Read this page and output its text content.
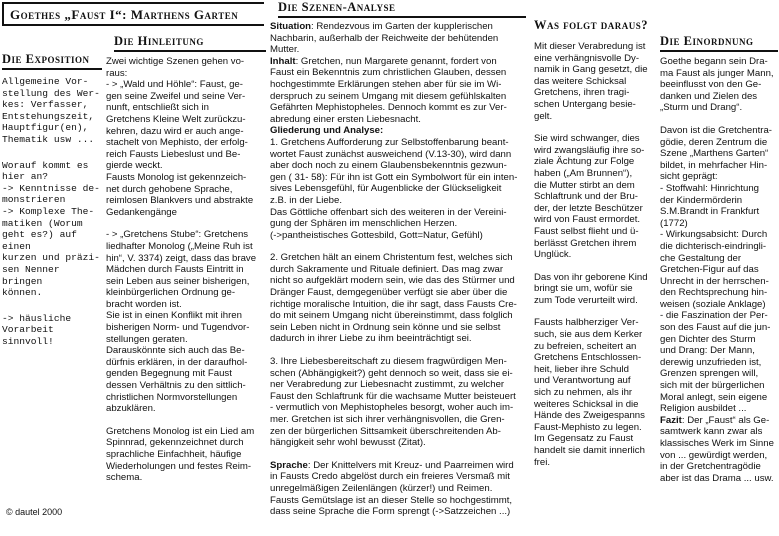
Goethes „Faust I“: Marthens Garten
Die Exposition
Allgemeine Vor-
stellung des Wer-
kes: Verfasser,
Entstehungszeit,
Hauptfigur(en),
Thematik usw ...
Worauf kommt es
hier an?
-> Kenntnisse de-
monstrieren
-> Komplexe The-
matiken (Worum
geht es?) auf einen
kurzen und präzi-
sen Nenner bringen
können.
-> häusliche
Vorarbeit
sinnvoll!
© dautel 2000
Die Hinleitung
Zwei wichtige Szenen gehen vo-
raus:
- > „Wald und Höhle“: Faust, ge-
gen seine Zweifel und seine Ver-
nunft, entschließt sich in
Gretchens Kleine Welt zurückzu-
kehren, dazu wird er auch ange-
stachelt von Mephisto, der erfolg-
reich Fausts Liebeslust und Be-
gierde weckt.
Fausts Monolog ist gekennzeich-
net durch gehobene Sprache,
reimlosen Blankvers und abstrakte
Gedankengänge
- > „Gretchens Stube“: Gretchens
liedhafter Monolog („Meine Ruh ist
hin“, V. 3374) zeigt, dass das brave
Mädchen durch Fausts Eintritt in
sein Leben aus seiner bisherigen,
kleinbürgerlichen Ordnung ge-
bracht worden ist.
Sie ist in einen Konflikt mit ihren
bisherigen Norm- und Tugendvor-
stellungen geraten.
Darauskönnte sich auch das Be-
dürfnis erklären, in der daraufhol-
genden Begegnung mit Faust
dessen Verhältnis zu den sittlich-
christlichen Normvorstellungen
abzuklären.
Gretchens Monolog ist ein Lied am
Spinnrad, gekennzeichnet durch
sprachliche Einfachheit, häufige
Wiederholungen und festes Reim-
schema.
Die Szenen-Analyse
Situation: Rendezvous im Garten der kupplerischen
Nachbarin, außerhalb der Reichweite der behütenden
Mutter.
Inhalt: Gretchen, nun Margarete genannt, fordert von
Faust ein Bekenntnis zum christlichen Glauben, dessen
hochgestimmte Erklärungen stehen aber für sie im Wi-
derspruch zu seinem Umgang mit diesem gefühlskalten
Gefährten Mephistopheles. Dennoch kommt es zur Ver-
abredung einer ersten Liebesnacht.
Gliederung und Analyse:
1. Gretchens Aufforderung zur Selbstoffenbarung beant-
wortet Faust zunächst ausweichend (V.13-30), wird dann
aber doch noch zu einem Glaubensbekenntnis gezwun-
gen ( 31- 58): Für ihn ist Gott ein Symbolwort für ein inten-
sives Lebensgefühl, für Augenblicke der Glückseligkeit
z.B. in der Liebe.
Das Göttliche offenbart sich des weiteren in der Vereini-
gung der Sphären im menschlichen Herzen.
(->pantheistisches Gottesbild, Gott=Natur, Gefühl)
2. Gretchen hält an einem Christentum fest, welches sich
durch Sakramente und Rituale definiert. Das mag zwar
nicht so aufgeklärt modern sein, wie das des Stürmer und
Dränger Faust, demgegenüber verfügt sie aber über die
richtige moralische Intuition, die ihr sagt, dass Fausts Cre-
do mit seinem Umgang nicht übereinstimmt, dass folglich
sein Leben nicht in Ordnung sein könne und sie selbst
dadurch in ihrer Liebe zu ihm beeinträchtigt sei.
3. Ihre Liebesbereitschaft zu diesem fragwürdigen Men-
schen (Abhängigkeit?) geht dennoch so weit, dass sie ei-
ner Verabredung zur Liebesnacht zustimmt, zu welcher
Faust den Schlaftrunk für die wachsame Mutter beisteuert
- vermutlich von Mephistopheles besorgt, woher auch im-
mer. Gretchen ist sich ihrer verhängnisvollen, die Gren-
zen der bürgerlichen Sittsamkeit überschreitenden Ab-
hängigkeit sehr wohl bewusst (Zitat).
Sprache: Der Knittelvers mit Kreuz- und Paarreimen wird
in Fausts Credo abgelöst durch ein freieres Versmaß mit
unregelmäßigen Zeilenlängen (kürzer!) und Reimen.
Fausts Gemütslage ist an dieser Stelle so hochgestimmt,
dass seine Sprache die Form sprengt (->Satzzeichen ...)
Was folgt daraus?
Mit dieser Verabredung ist
eine verhängnisvolle Dy-
namik in Gang gesetzt, die
das weitere Schicksal
Gretchens, ihren tragi-
schen Untergang besie-
gelt.
Sie wird schwanger, dies
wird zwangsläufig ihre so-
ziale Ächtung zur Folge
haben („Am Brunnen“),
die Mutter stirbt an dem
Schlaftrunk und der Bru-
der, der letzte Beschützer
wird von Faust ermordet.
Faust selbst flieht und ü-
berlässt Gretchen ihrem
Unglück.
Das von ihr geborene Kind
bringt sie um, wofür sie
zum Tode verurteilt wird.
Fausts halbherziger Ver-
such, sie aus dem Kerker
zu befreien, scheitert an
Gretchens Entschlossen-
heit, lieber ihre Schuld
und Verantwortung auf
sich zu nehmen, als ihr
weiteres Schicksal in die
Hände des Zweigespanns
Faust-Mephisto zu legen.
Im Gegensatz zu Faust
handelt sie damit innerlich
frei.
Die Einordnung
Goethe begann sein Dra-
ma Faust als junger Mann,
beeinflusst von den Ge-
danken und Zielen des
„Sturm und Drang“.
Davon ist die Gretchentra-
gödie, deren Zentrum die
Szene „Marthens Garten“
bildet, in mehrfacher Hin-
sicht geprägt:
- Stoffwahl: Hinrichtung
der Kindermörderin
S.M.Brandt in Frankfurt
(1772)
- Wirkungsabsicht: Durch
die dichterisch-eindringli-
che Gestaltung der
Gretchen-Figur auf das
Unrecht in der herrschen-
den Rechtsprechung hin-
weisen (soziale Anklage)
- die Faszination der Per-
son des Faust auf die jun-
gen Dichter des Sturm
und Drang: Der Mann,
derewig unzufrieden ist,
Grenzen sprengen will,
sich mit der bürgerlichen
Moral anlegt, sein eigene
Religion ausbildet ...
Fazit: Der „Faust“ als Ge-
samtwerk kann zwar als
klassisches Werk im Sinne
von ... gewürdigt werden,
in der Gretchentragödie
aber ist das Drama ... usw.
